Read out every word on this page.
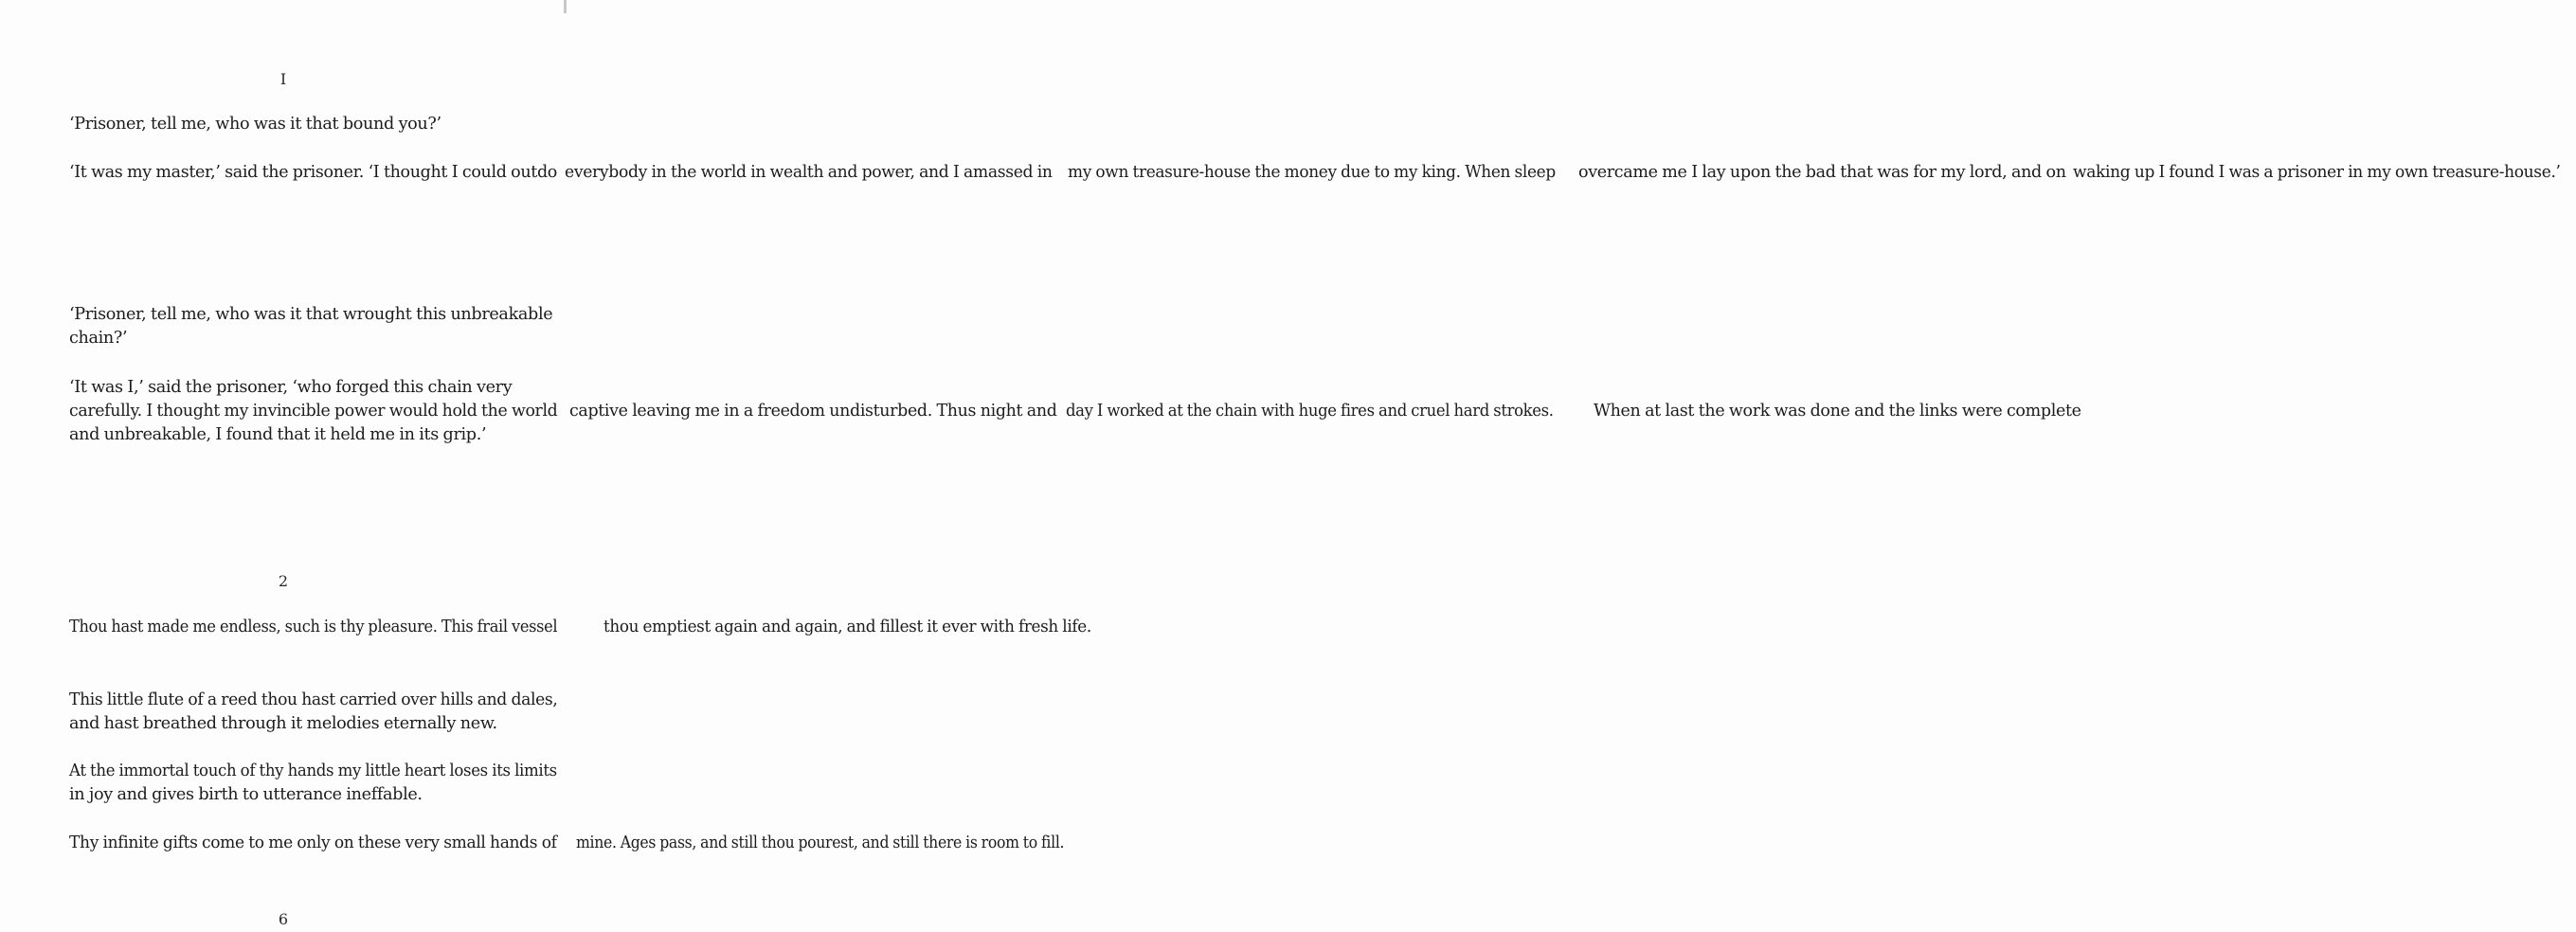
I

‘Prisoner, tell me, who was it that bound you?’

‘It was my master,’ said the prisoner. ‘I thought I could outdo everybody in the world in wealth and power, and I amassed in my own treasure-house the money due to my king. When sleep overcame me I lay upon the bad that was for my lord, and on waking up I found I was a prisoner in my own treasure-house.’

‘Prisoner, tell me, who was it that wrought this unbreakable
chain?’

‘It was I,’ said the prisoner, ‘who forged this chain very
carefully. I thought my invincible power would hold the world captive leaving me in a freedom undisturbed. Thus night and day I worked at the chain with huge fires and cruel hard strokes. When at last the work was done and the links were complete
and unbreakable, I found that it held me in its grip.’

2

Thou hast made me endless, such is thy pleasure. This frail vessel	thou emptiest again and again, and fillest it ever with fresh life.

This little flute of a reed thou hast carried over hills and dales,
and hast breathed through it melodies eternally new.

At the immortal touch of thy hands my little heart loses its limits
in joy and gives birth to utterance ineffable.

Thy infinite gifts come to me only on these very small hands of mine. Ages pass, and still thou pourest, and still there is room to fill.

6
